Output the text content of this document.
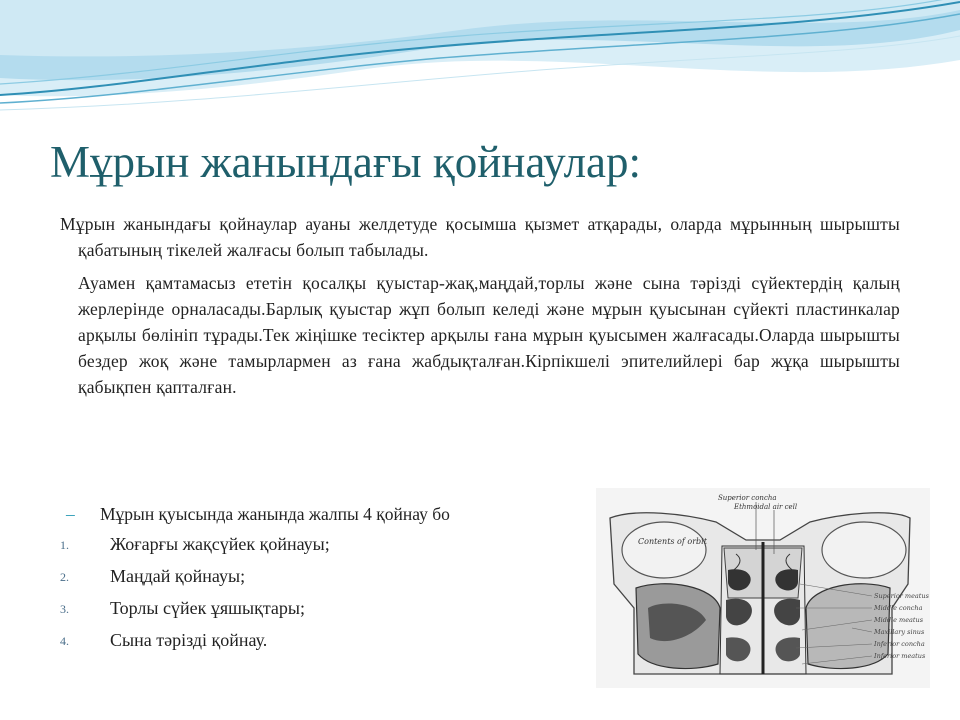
Мұрын жанындағы қойнаулар:

Мұрын жанындағы қойнаулар ауаны желдетуде қосымша қызмет атқарады, оларда мұрынның шырышты қабатының тікелей жалғасы болып табылады.

Ауамен қамтамасыз ететін қосалқы қуыстар-жақ,маңдай,торлы және сына тәрізді сүйектердің қалың жерлерінде орналасады.Барлық қуыстар жұп болып келеді және мұрын қуысынан сүйекті пластинкалар арқылы бөлініп тұрады.Тек жіңішке тесіктер арқылы ғана мұрын қуысымен жалғасады.Оларда шырышты бездер жоқ және тамырлармен аз ғана жабдықталған.Кірпікшелі эпителийлері бар жұқа шырышты қабықпен қапталған.

– Мұрын қуысында жанында жалпы 4 қойнау бо
1. Жоғарғы жақсүйек қойнауы;
2. Маңдай қойнауы;
3. Торлы сүйек ұяшықтары;
4. Сына тәрізді қойнау.
Contents of orbit
Superior concha
Ethmoidal air cell
Superior meatus
Middle concha
Middle meatus
Maxillary sinus
Inferior concha
Inferior meatus
